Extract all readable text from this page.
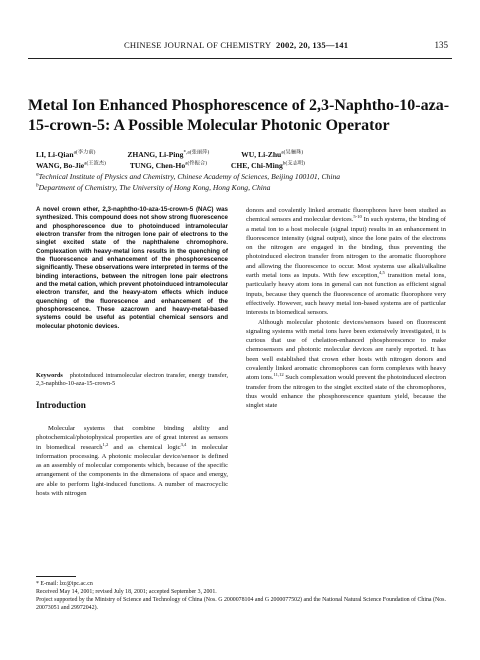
CHINESE JOURNAL OF CHEMISTRY 2002, 20, 135—141	135
Metal Ion Enhanced Phosphorescence of 2,3-Naphtho-10-aza-15-crown-5: A Possible Molecular Photonic Operator
LI, Li-Qian$^{a(李力前)}$	ZHANG, Li-Ping$^{*,a(张丽萍)}$	WU, Li-Zhu$^{a(吴骊珠)}$
WANG, Bo-Jie$^{a(王波杰)}$	TUNG, Chen-$Ho^{a(佟振合)}$	CHE, Chi-Ming$^{b(支志明)}$
$^a$Technical Institute of Physics and Chemistry, Chinese Academy of Sciences, Beijing 100101, China
$^b$Department of Chemistry, The University of Hong Kong, Hong Kong, China
A novel crown ether, 2,3-naphtho-10-aza-15-crown-5 (NAC) was synthesized. This compound does not show strong fluorescence and phosphorescence due to photoinduced intramolecular electron transfer from the nitrogen lone pair of electrons to the singlet excited state of the naphthalene chromophore. Complexation with heavy-metal ions results in the quenching of the fluorescence and enhancement of the phosphorescence significantly. These observations were interpreted in terms of the binding interactions, between the nitrogen lone pair electrons and the metal cation, which prevent photoinduced intramolecular electron transfer, and the heavy-atom effects which induce quenching of the fluorescence and enhancement of the phosphorescence. These azacrown and heavy-metal-based systems could be useful as potential chemical sensors and molecular photonic devices.
Keywords photoinduced intramolecular electron transfer, energy transfer, 2,3-naphtho-10-aza-15-crown-5
Introduction

Molecular systems that combine binding ability and photochemical/photophysical properties are of great interest as sensors in biomedical research$^{1,2}$ and as chemical logic$^{3,4}$ in molecular information processing. A photonic molecular device/sensor is defined as an assembly of molecular components which, because of the specific arrangement of the components in the dimensions of space and energy, are able to perform light-induced functions. A number of macrocyclic hosts with nitrogen

donors and covalently linked aromatic fluorophores have been studied as chemical sensors and molecular devices.$^{5-10}$ In such systems, the binding of a metal ion to a host molecule (signal input) results in an enhancement in fluorescence intensity (signal output), since the lone pairs of the electrons on the nitrogen are engaged in the binding, thus preventing the photoinduced electron transfer from nitrogen to the aromatic fluorophore and allowing the fluorescence to occur. Most systems use alkali/alkaline earth metal ions as inputs. With few exception,$^{4,5}$ transition metal ions, particularly heavy atom ions in general can not function as efficient signal inputs, because they quench the fluorescence of aromatic fluorophore very effectively. However, such heavy metal ion-based systems are of particular interests in biomedical sensors.

Although molecular photonic devices/sensors based on fluorescent signaling systems with metal ions have been extensively investigated, it is curious that use of chelation-enhanced phosphorescence to make chemosensors and photonic molecular devices are rarely reported. It has been well established that crown ether hosts with nitrogen donors and covalently linked aromatic chromophores can form complexes with heavy atom ions.$^{11,12}$ Such complexation would prevent the photoinduced electron transfer from the nitrogen to the singlet excited state of the chromophores, thus would enhance the phosphorescence quantum yield, because the singlet state

* E-mail: lzc@ipc.ac.cn
Received May 14, 2001; revised July 18, 2001; accepted September 3, 2001.
Project supported by the Ministry of Science and Technology of China (Nos. G 2000078104 and G 2000077502) and the National Natural Science Foundation of China (Nos. 20073051 and 29972042).
